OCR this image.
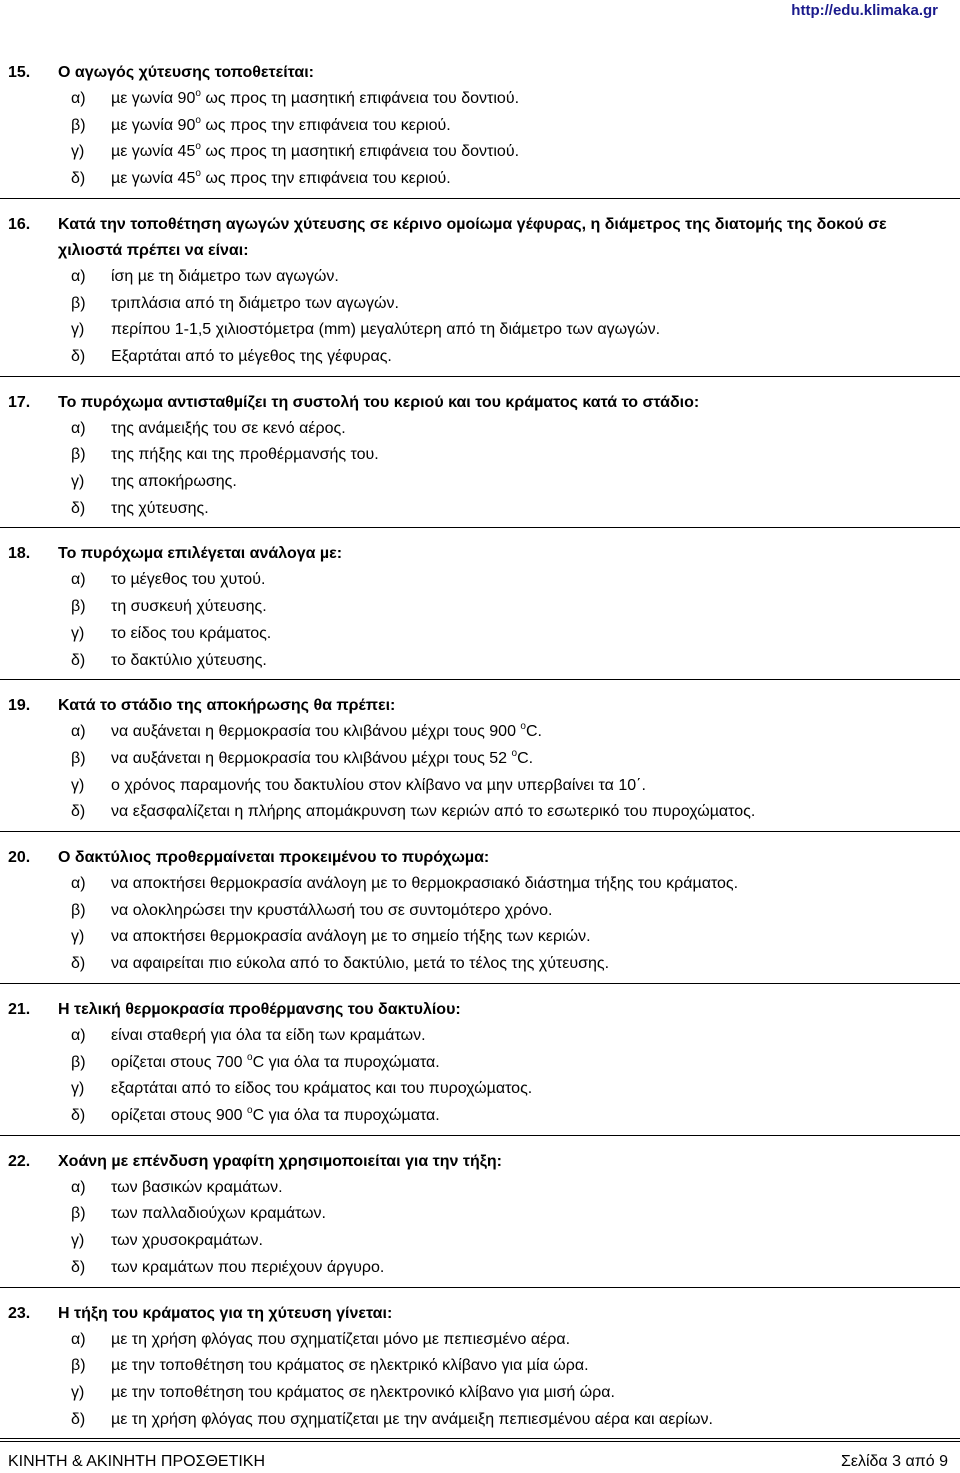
http://edu.klimaka.gr
15.	Ο αγωγός χύτευσης τοποθετείται:
α)	µε γωνία $90^o$ ως προς τη µασητική επιφάνεια του δοντιού.
β)	µε γωνία $90^o$ ως προς την επιφάνεια του κεριού.
γ)	µε γωνία $45^o$ ως προς τη µασητική επιφάνεια του δοντιού.
δ)	µε γωνία $45^o$ ως προς την επιφάνεια του κεριού.
16.	Κατά την τοποθέτηση αγωγών χύτευσης σε κέρινο οµοίωµα γέφυρας, η διάµετρος της διατοµής της δοκού σε χιλιοστά πρέπει να είναι:
α)	ίση µε τη διάµετρο των αγωγών.
β)	τριπλάσια από τη διάµετρο των αγωγών.
γ)	περίπου 1-1,5 χιλιοστόµετρα (mm) µεγαλύτερη από τη διάµετρο των αγωγών.
δ)	Εξαρτάται από το µέγεθος της γέφυρας.
17.	Το πυρόχωµα αντισταθµίζει τη συστολή του κεριού και του κράµατος κατά το στάδιο:
α)	της ανάµειξής του σε κενό αέρος.
β)	της πήξης και της προθέρµανσής του.
γ)	της αποκήρωσης.
δ)	της χύτευσης.
18.	Το πυρόχωµα επιλέγεται ανάλογα µε:
α)	το µέγεθος του χυτού.
β)	τη συσκευή χύτευσης.
γ)	το είδος του κράµατος.
δ)	το δακτύλιο χύτευσης.
19.	Κατά το στάδιο της αποκήρωσης θα πρέπει:
α)	να αυξάνεται η θερµοκρασία του κλιβάνου µέχρι τους 900 $^o$C.
β)	να αυξάνεται η θερµοκρασία του κλιβάνου µέχρι τους 52 $^o$C.
γ)	ο χρόνος παραµονής του δακτυλίου στον κλίβανο να µην υπερβαίνει τα 10΄.
δ)	να εξασφαλίζεται η πλήρης αποµάκρυνση των κεριών από το εσωτερικό του πυροχώµατος.
20.	Ο δακτύλιος προθερµαίνεται προκειµένου το πυρόχωµα:
α)	να αποκτήσει θερµοκρασία ανάλογη µε το θερµοκρασιακό διάστηµα τήξης του κράµατος.
β)	να ολοκληρώσει την κρυστάλλωσή του σε συντοµότερο χρόνο.
γ)	να αποκτήσει θερµοκρασία ανάλογη µε το σηµείο τήξης των κεριών.
δ)	να αφαιρείται πιο εύκολα από το δακτύλιο, µετά το τέλος της χύτευσης.
21.	Η τελική θερµοκρασία προθέρµανσης του δακτυλίου:
α)	είναι σταθερή για όλα τα είδη των κραµάτων.
β)	ορίζεται στους 700 $^o$C για όλα τα πυροχώµατα.
γ)	εξαρτάται από το είδος του κράµατος και του πυροχώµατος.
δ)	ορίζεται στους 900 $^o$C για όλα τα πυροχώµατα.
22.	Χοάνη µε επένδυση γραφίτη χρησιµοποιείται για την τήξη:
α)	των βασικών κραµάτων.
β)	των παλλαδιούχων κραµάτων.
γ)	των χρυσοκραµάτων.
δ)	των κραµάτων που περιέχουν άργυρο.
23.	Η τήξη του κράµατος για τη χύτευση γίνεται:
α)	µε τη χρήση φλόγας που σχηµατίζεται µόνο µε πεπιεσµένο αέρα.
β)	µε την τοποθέτηση του κράµατος σε ηλεκτρικό κλίβανο για µία ώρα.
γ)	µε την τοποθέτηση του κράµατος σε ηλεκτρονικό κλίβανο για µισή ώρα.
δ)	µε τη χρήση φλόγας που σχηµατίζεται µε την ανάµειξη πεπιεσµένου αέρα και αερίων.
ΚΙΝΗΤΗ & ΑΚΙΝΗΤΗ ΠΡΟΣΘΕΤΙΚΗ	Σελίδα 3 από 9
